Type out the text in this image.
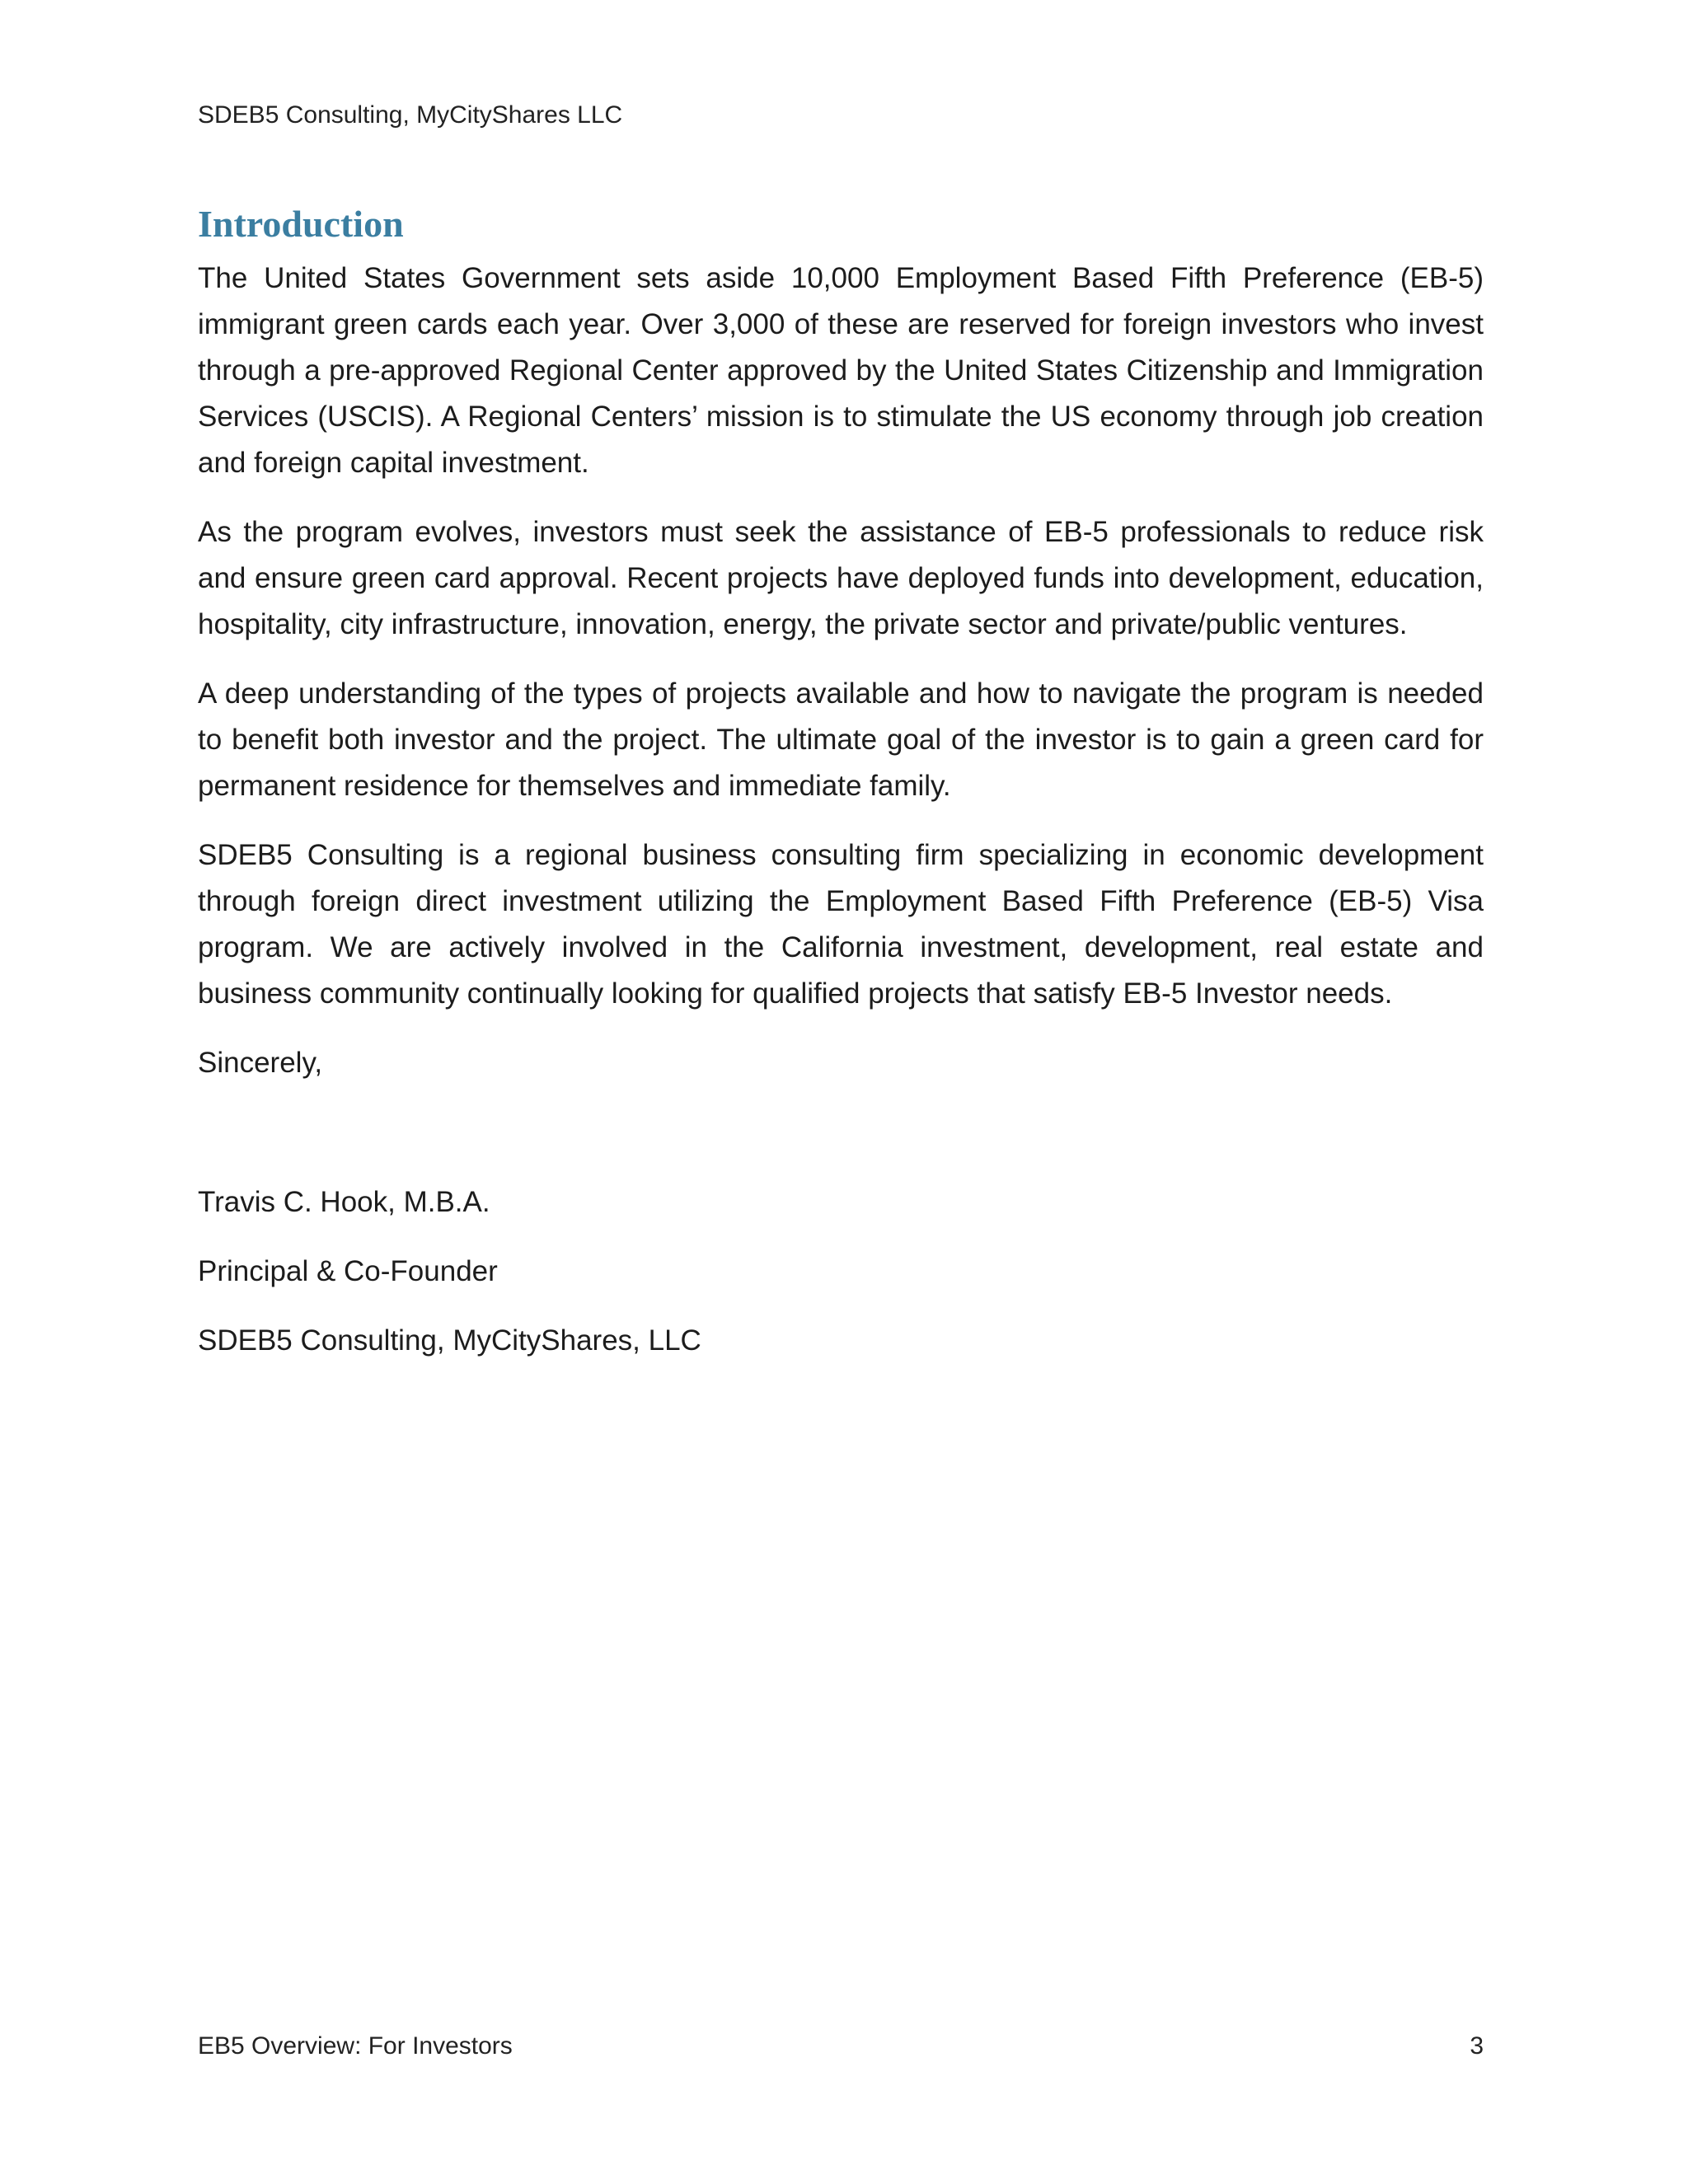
SDEB5 Consulting, MyCityShares LLC
Introduction

The United States Government sets aside 10,000 Employment Based Fifth Preference (EB-5) immigrant green cards each year. Over 3,000 of these are reserved for foreign investors who invest through a pre-approved Regional Center approved by the United States Citizenship and Immigration Services (USCIS). A Regional Centers’ mission is to stimulate the US economy through job creation and foreign capital investment.

As the program evolves, investors must seek the assistance of EB-5 professionals to reduce risk and ensure green card approval. Recent projects have deployed funds into development, education, hospitality, city infrastructure, innovation, energy, the private sector and private/public ventures.

A deep understanding of the types of projects available and how to navigate the program is needed to benefit both investor and the project. The ultimate goal of the investor is to gain a green card for permanent residence for themselves and immediate family.

SDEB5 Consulting is a regional business consulting firm specializing in economic development through foreign direct investment utilizing the Employment Based Fifth Preference (EB-5) Visa program. We are actively involved in the California investment, development, real estate and business community continually looking for qualified projects that satisfy EB-5 Investor needs.

Sincerely,

Travis C. Hook, M.B.A.

Principal & Co-Founder

SDEB5 Consulting, MyCityShares, LLC

EB5 Overview: For Investors	3
